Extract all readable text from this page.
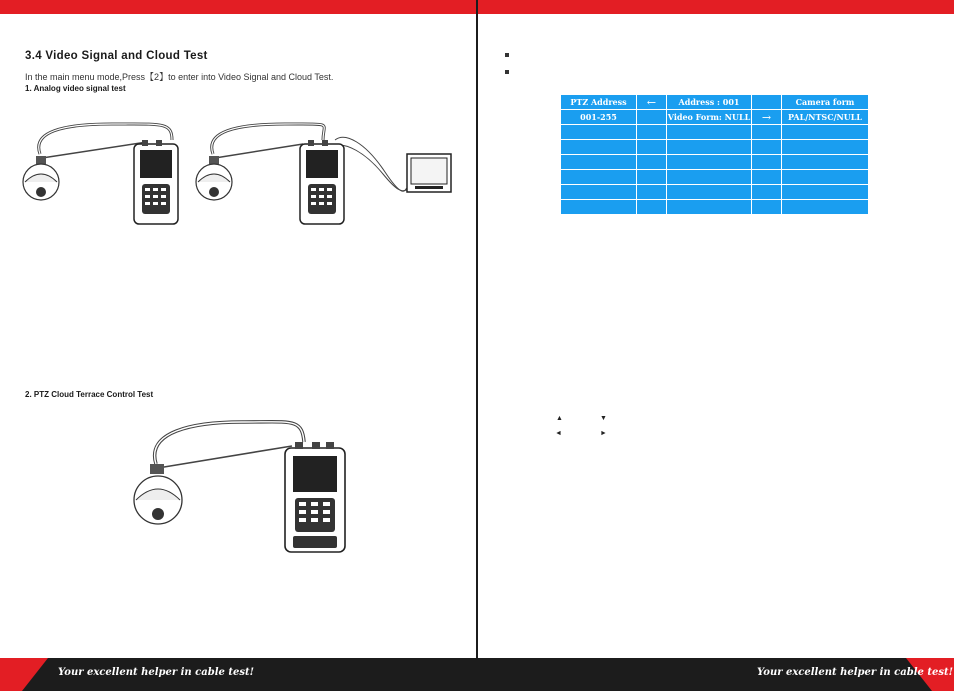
3.4 Video Signal and Cloud Test
In the main menu mode,Press【2】to enter into Video Signal and Cloud Test.
1. Analog video signal test
2. PTZ Cloud Terrace Control Test
PTZ Address	←	Address : 001		Camera form
001-255		Video Form: NULL	→	PAL/NTSC/NULL

▲	▼
◄	►
Your excellent helper in cable test!	Your excellent helper in cable test!
